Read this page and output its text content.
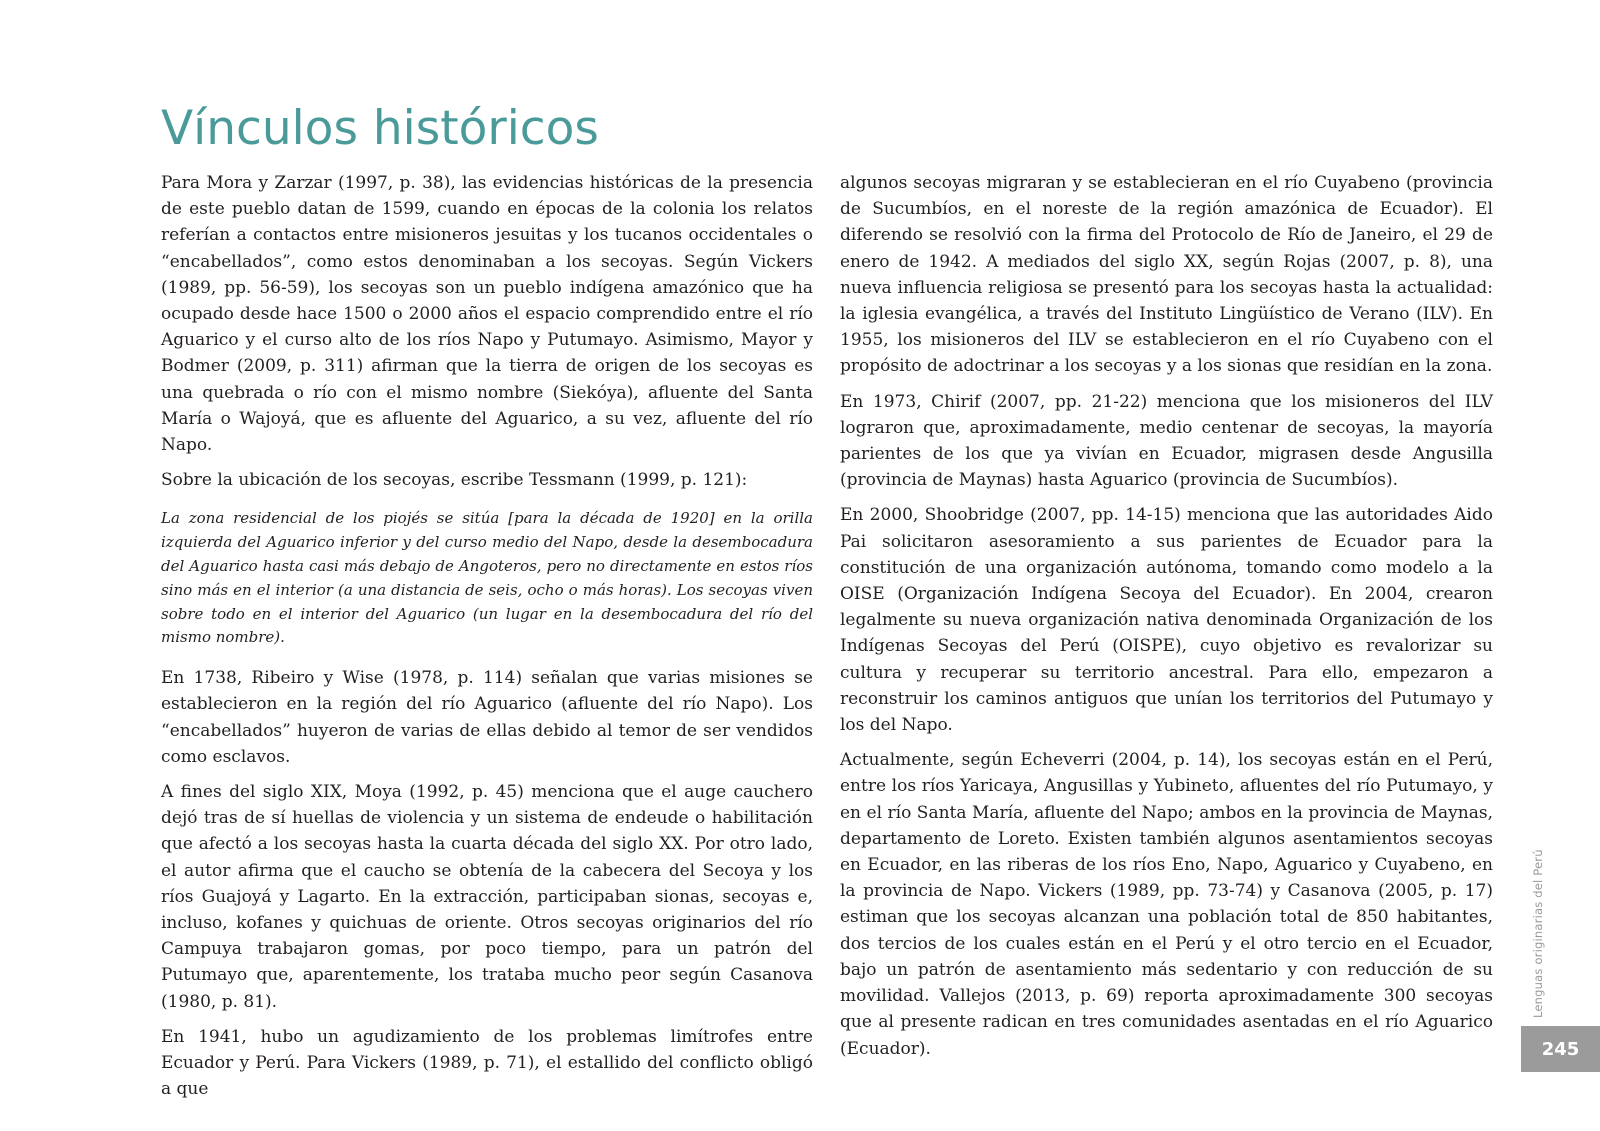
Vínculos históricos

Para Mora y Zarzar (1997, p. 38), las evidencias históricas de la presencia de este pueblo datan de 1599, cuando en épocas de la colonia los relatos referían a contactos entre misioneros jesuitas y los tucanos occidentales o “encabellados”, como estos denominaban a los secoyas. Según Vickers (1989, pp. 56-59), los secoyas son un pueblo indígena amazónico que ha ocupado desde hace 1500 o 2000 años el espacio comprendido entre el río Aguarico y el curso alto de los ríos Napo y Putumayo. Asimismo, Mayor y Bodmer (2009, p. 311) afirman que la tierra de origen de los secoyas es una quebrada o río con el mismo nombre (Siekóya), afluente del Santa María o Wajoyá, que es afluente del Aguarico, a su vez, afluente del río Napo.

Sobre la ubicación de los secoyas, escribe Tessmann (1999, p. 121):

La zona residencial de los piojés se sitúa [para la década de 1920] en la orilla izquierda del Aguarico inferior y del curso medio del Napo, desde la desembocadura del Aguarico hasta casi más debajo de Angoteros, pero no directamente en estos ríos sino más en el interior (a una distancia de seis, ocho o más horas). Los secoyas viven sobre todo en el interior del Aguarico (un lugar en la desembocadura del río del mismo nombre).

En 1738, Ribeiro y Wise (1978, p. 114) señalan que varias misiones se establecieron en la región del río Aguarico (afluente del río Napo). Los “encabellados” huyeron de varias de ellas debido al temor de ser vendidos como esclavos.

A fines del siglo XIX, Moya (1992, p. 45) menciona que el auge cauchero dejó tras de sí huellas de violencia y un sistema de endeude o habilitación que afectó a los secoyas hasta la cuarta década del siglo XX. Por otro lado, el autor afirma que el caucho se obtenía de la cabecera del Secoya y los ríos Guajoyá y Lagarto. En la extracción, participaban sionas, secoyas e, incluso, kofanes y quichuas de oriente. Otros secoyas originarios del río Campuya trabajaron gomas, por poco tiempo, para un patrón del Putumayo que, aparentemente, los trataba mucho peor según Casanova (1980, p. 81).

En 1941, hubo un agudizamiento de los problemas limítrofes entre Ecuador y Perú. Para Vickers (1989, p. 71), el estallido del conflicto obligó a que

algunos secoyas migraran y se establecieran en el río Cuyabeno (provincia de Sucumbíos, en el noreste de la región amazónica de Ecuador). El diferendo se resolvió con la firma del Protocolo de Río de Janeiro, el 29 de enero de 1942. A mediados del siglo XX, según Rojas (2007, p. 8), una nueva influencia religiosa se presentó para los secoyas hasta la actualidad: la iglesia evangélica, a través del Instituto Lingüístico de Verano (ILV). En 1955, los misioneros del ILV se establecieron en el río Cuyabeno con el propósito de adoctrinar a los secoyas y a los sionas que residían en la zona.

En 1973, Chirif (2007, pp. 21-22) menciona que los misioneros del ILV lograron que, aproximadamente, medio centenar de secoyas, la mayoría parientes de los que ya vivían en Ecuador, migrasen desde Angusilla (provincia de Maynas) hasta Aguarico (provincia de Sucumbíos).

En 2000, Shoobridge (2007, pp. 14-15) menciona que las autoridades Aido Pai solicitaron asesoramiento a sus parientes de Ecuador para la constitución de una organización autónoma, tomando como modelo a la OISE (Organización Indígena Secoya del Ecuador). En 2004, crearon legalmente su nueva organización nativa denominada Organización de los Indígenas Secoyas del Perú (OISPE), cuyo objetivo es revalorizar su cultura y recuperar su territorio ancestral. Para ello, empezaron a reconstruir los caminos antiguos que unían los territorios del Putumayo y los del Napo.

Actualmente, según Echeverri (2004, p. 14), los secoyas están en el Perú, entre los ríos Yaricaya, Angusillas y Yubineto, afluentes del río Putumayo, y en el río Santa María, afluente del Napo; ambos en la provincia de Maynas, departamento de Loreto. Existen también algunos asentamientos secoyas en Ecuador, en las riberas de los ríos Eno, Napo, Aguarico y Cuyabeno, en la provincia de Napo. Vickers (1989, pp. 73-74) y Casanova (2005, p. 17) estiman que los secoyas alcanzan una población total de 850 habitantes, dos tercios de los cuales están en el Perú y el otro tercio en el Ecuador, bajo un patrón de asentamiento más sedentario y con reducción de su movilidad. Vallejos (2013, p. 69) reporta aproximadamente 300 secoyas que al presente radican en tres comunidades asentadas en el río Aguarico (Ecuador).

Lenguas originarias del Perú
245
